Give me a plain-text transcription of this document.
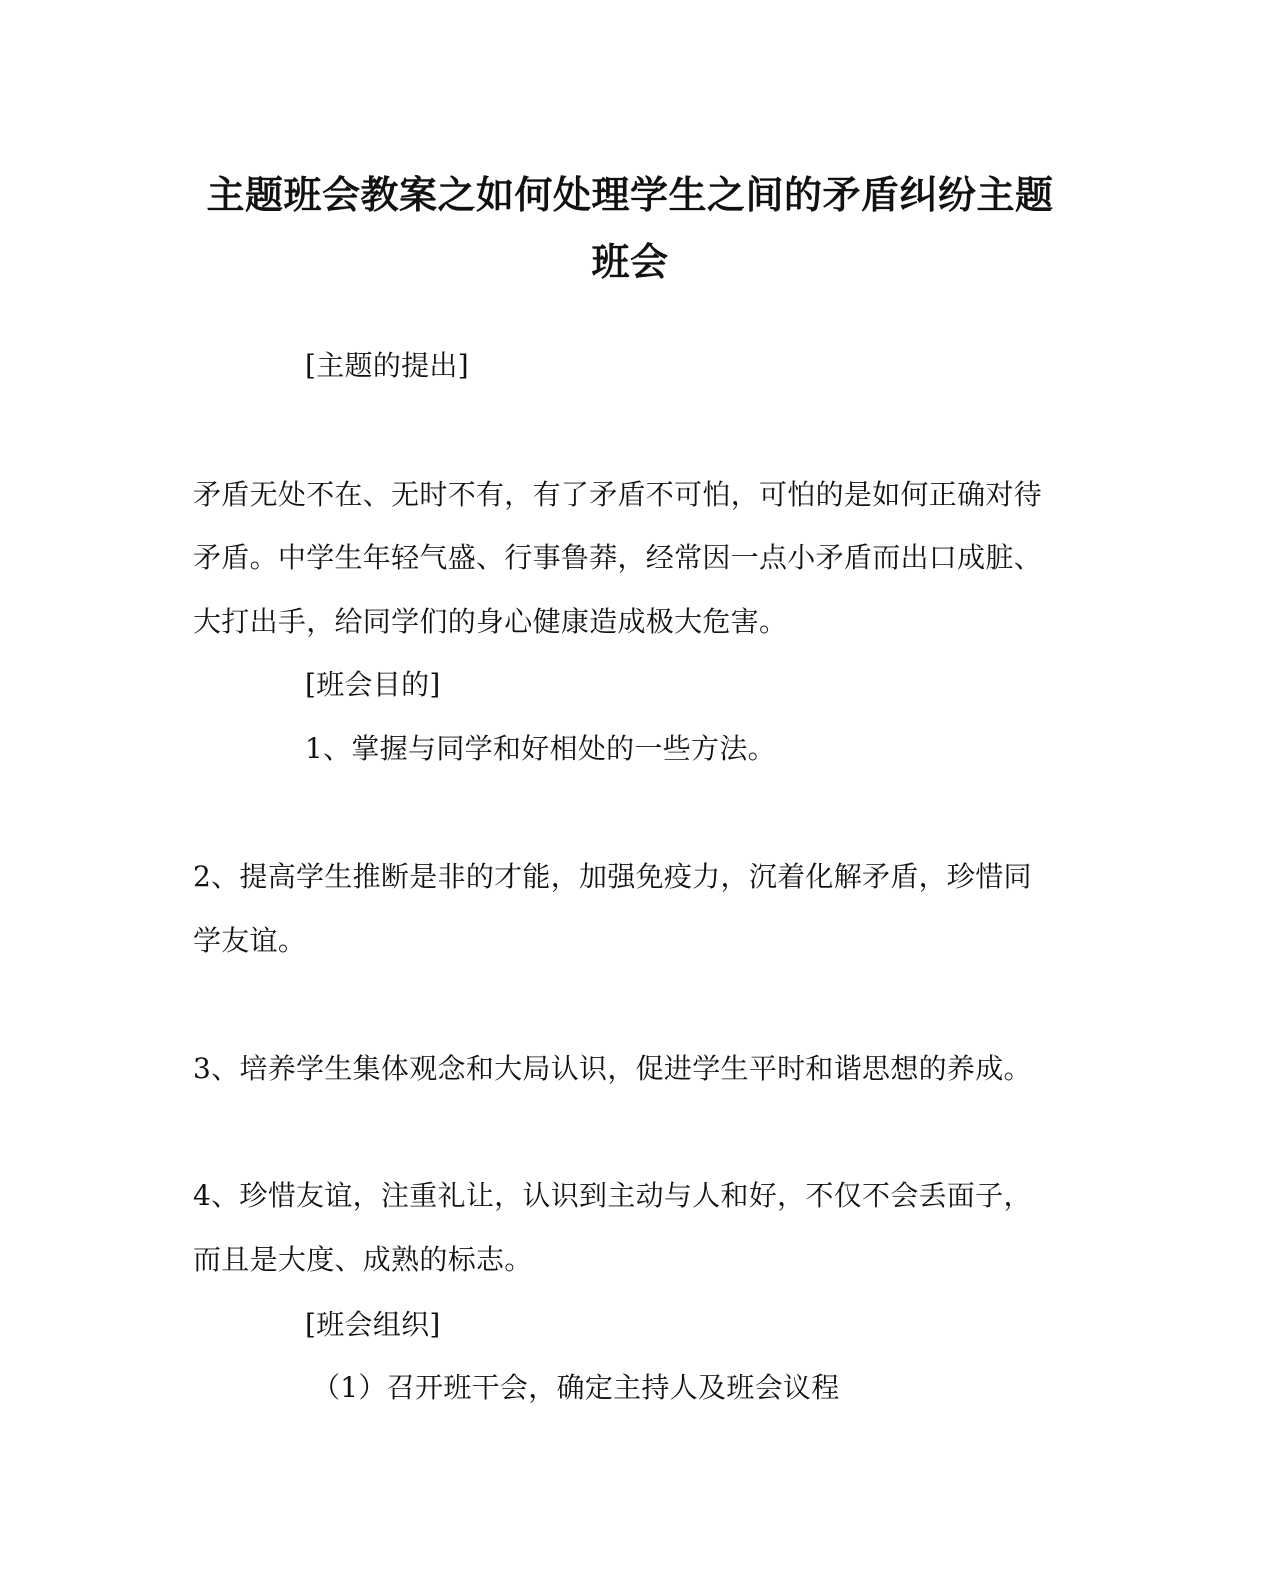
主题班会教案之如何处理学生之间的矛盾纠纷主题班会
[主题的提出]
矛盾无处不在、无时不有，有了矛盾不可怕，可怕的是如何正确对待
矛盾。中学生年轻气盛、行事鲁莽，经常因一点小矛盾而出口成脏、
大打出手，给同学们的身心健康造成极大危害。
[班会目的]
1、掌握与同学和好相处的一些方法。
2、提高学生推断是非的才能，加强免疫力，沉着化解矛盾，珍惜同
学友谊。
3、培养学生集体观念和大局认识，促进学生平时和谐思想的养成。
4、珍惜友谊，注重礼让，认识到主动与人和好，不仅不会丢面子，
而且是大度、成熟的标志。
[班会组织]
（1）召开班干会，确定主持人及班会议程
